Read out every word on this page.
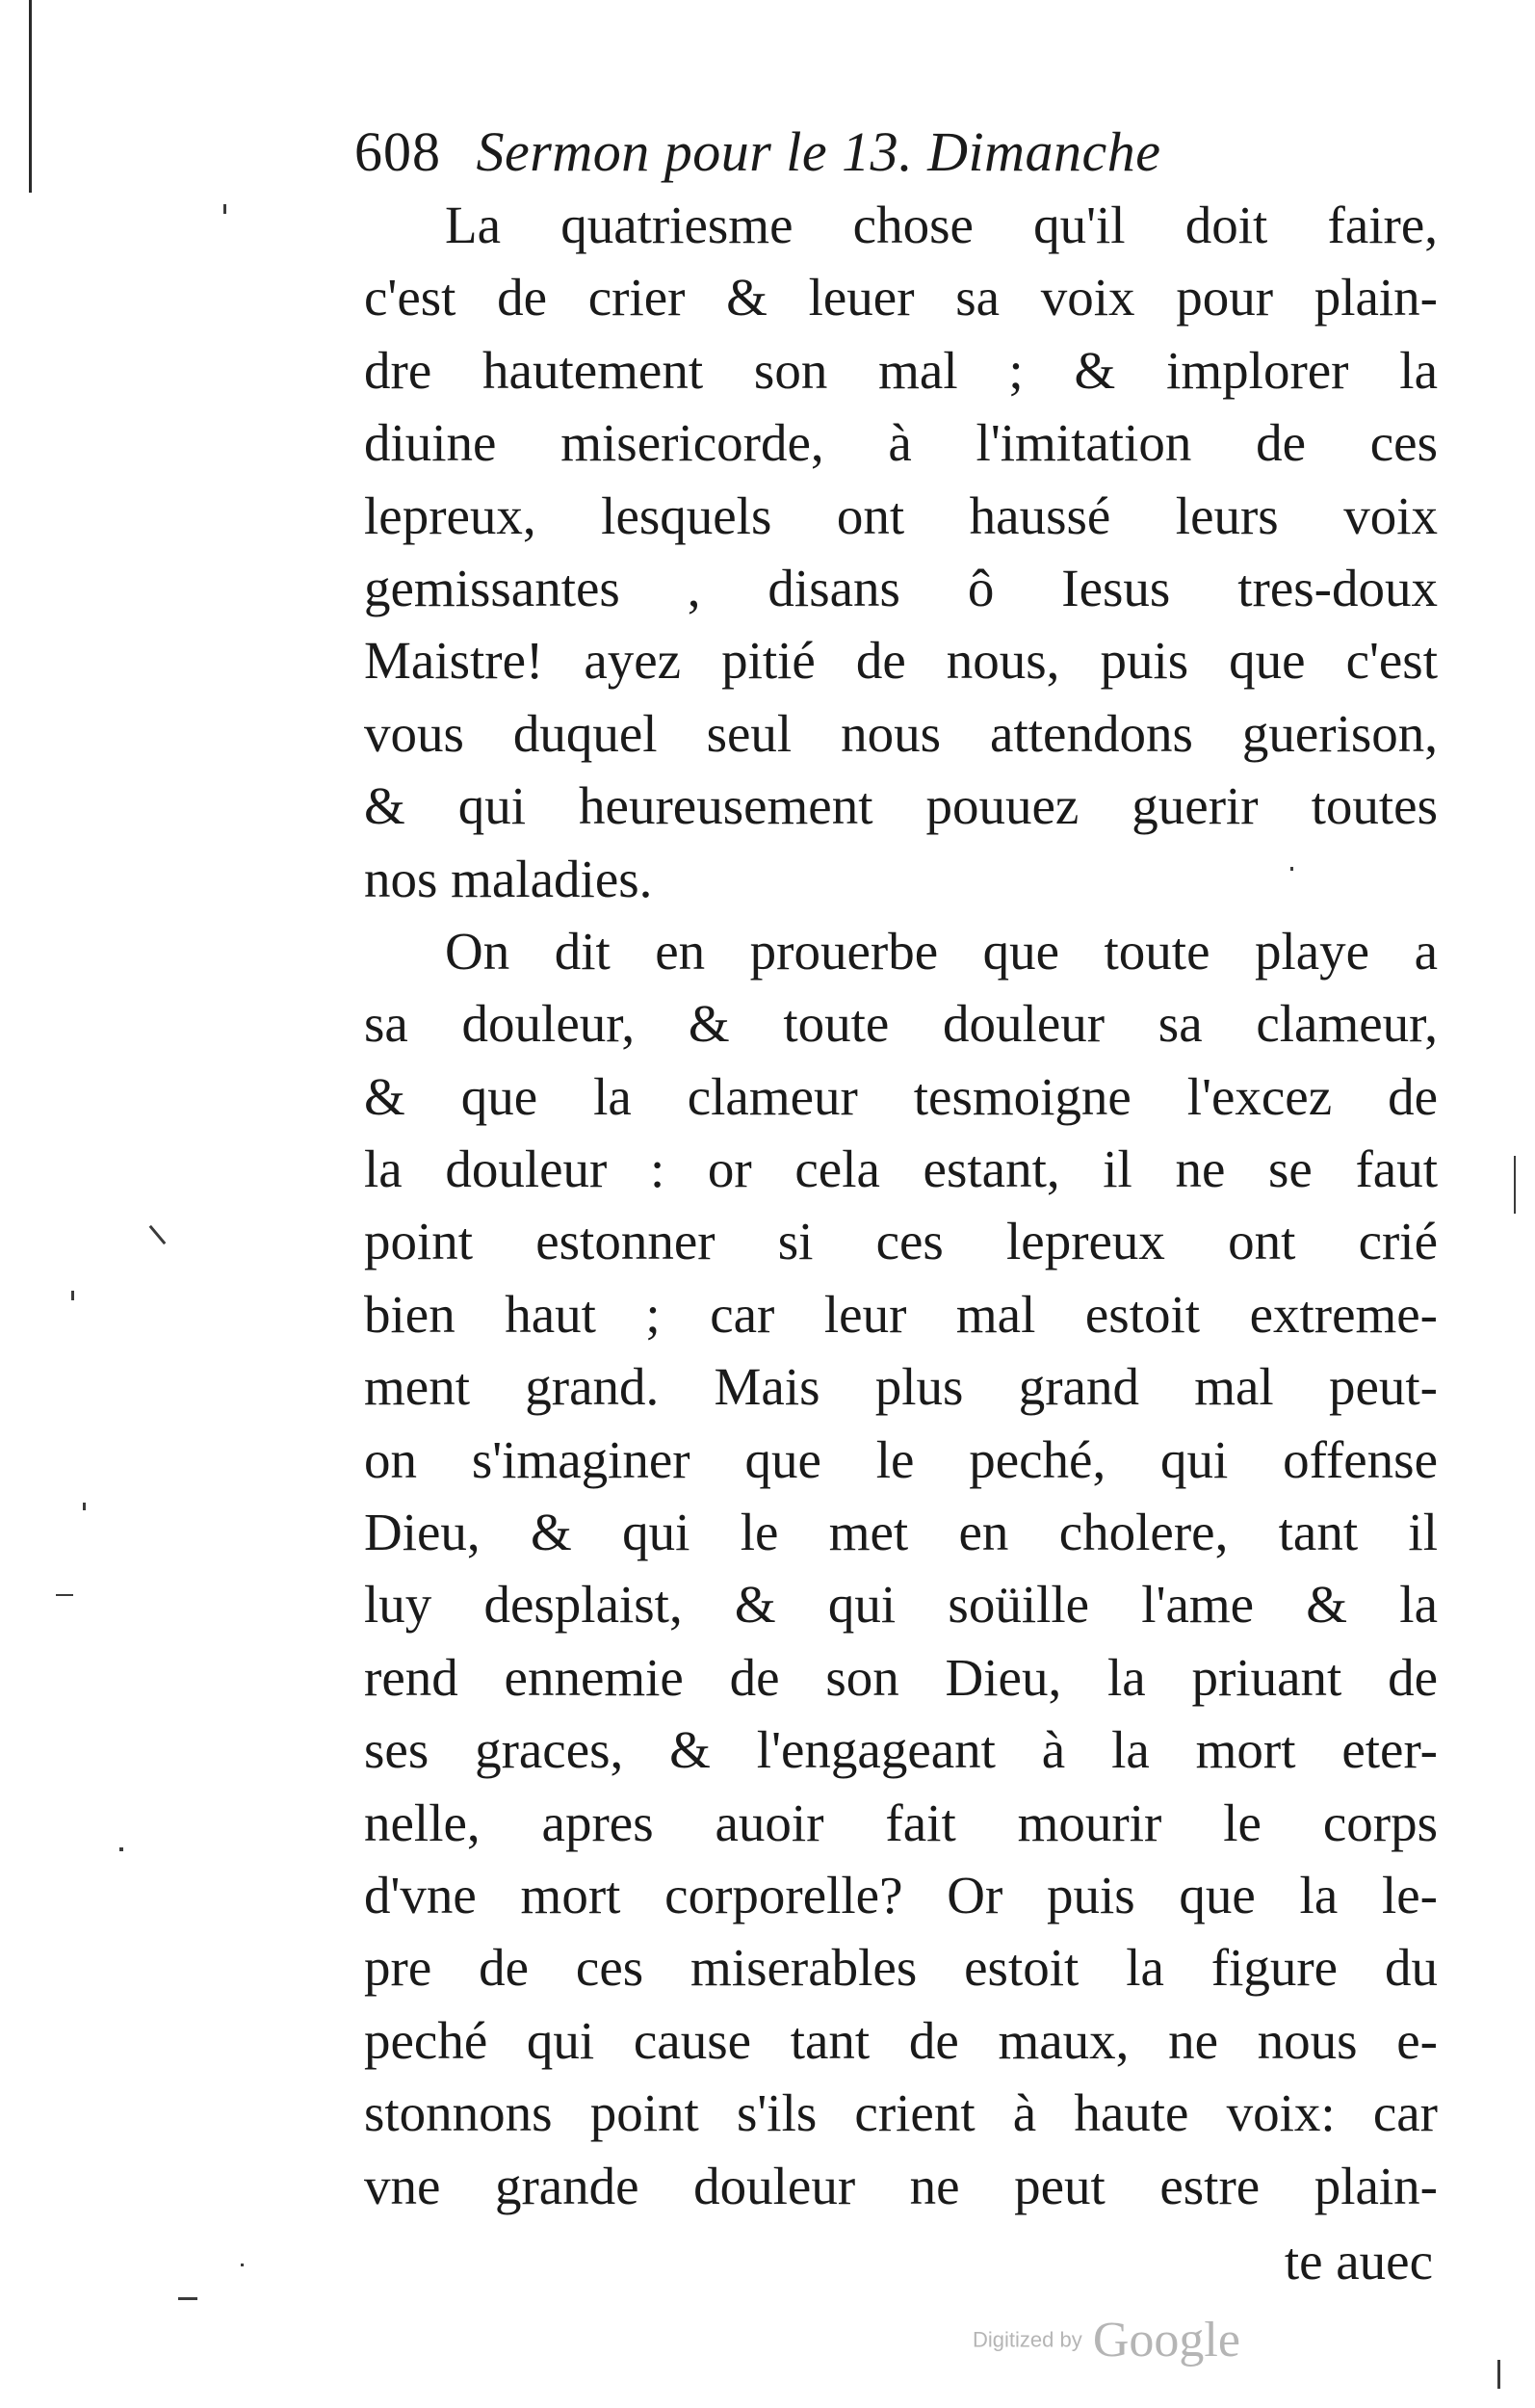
608 Sermon pour le 13. Dimanche
La quatriesme chose qu'il doit faire,
c'est de crier & leuer sa voix pour plain-
dre hautement son mal ; & implorer la
diuine misericorde, à l'imitation de ces
lepreux, lesquels ont haussé leurs voix
gemissantes , disans ô Iesus tres-doux
Maistre! ayez pitié de nous, puis que c'est
vous duquel seul nous attendons guerison,
& qui heureusement pouuez guerir toutes
nos maladies.
On dit en prouerbe que toute playe a
sa douleur, & toute douleur sa clameur,
& que la clameur tesmoigne l'excez de
la douleur : or cela estant, il ne se faut
point estonner si ces lepreux ont crié
bien haut ; car leur mal estoit extreme-
ment grand. Mais plus grand mal peut-
on s'imaginer que le peché, qui offense
Dieu, & qui le met en cholere, tant il
luy desplaist, & qui soüille l'ame & la
rend ennemie de son Dieu, la priuant de
ses graces, & l'engageant à la mort eter-
nelle, apres auoir fait mourir le corps
d'vne mort corporelle? Or puis que la le-
pre de ces miserables estoit la figure du
peché qui cause tant de maux, ne nous e-
stonnons point s'ils crient à haute voix: car
vne grande douleur ne peut estre plain-
te auec
Digitized by Google
